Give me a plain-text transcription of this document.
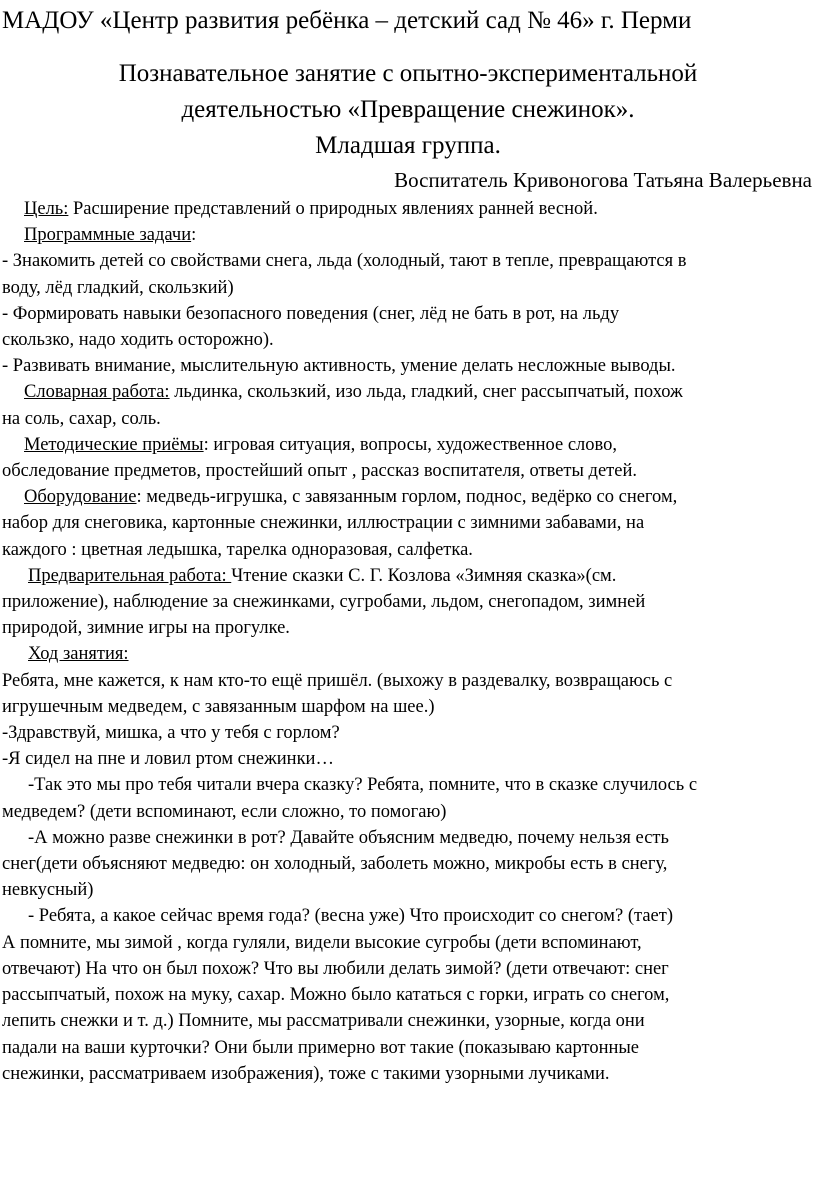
МАДОУ «Центр развития ребёнка – детский сад № 46» г. Перми
Познавательное занятие с опытно-экспериментальной
деятельностью «Превращение снежинок».
Младшая группа.
Воспитатель Кривоногова Татьяна Валерьевна

Цель: Расширение представлений о природных явлениях ранней весной.

Программные задачи:

- Знакомить детей со свойствами снега, льда (холодный, тают в тепле, превращаются в

воду, лёд гладкий, скользкий)

- Формировать навыки безопасного поведения (снег, лёд не бать в рот, на льду

скользко, надо ходить осторожно).

- Развивать внимание, мыслительную активность, умение делать несложные выводы.

Словарная работа: льдинка, скользкий, изо льда, гладкий, снег рассыпчатый, похож

на соль, сахар, соль.

Методические приёмы: игровая ситуация, вопросы, художественное слово,

обследование предметов, простейший опыт , рассказ воспитателя, ответы детей.

Оборудование: медведь-игрушка, с завязанным горлом, поднос, ведёрко со снегом,

набор для снеговика, картонные снежинки, иллюстрации с зимними забавами, на

каждого : цветная ледышка, тарелка одноразовая, салфетка.

Предварительная работа: Чтение сказки С. Г. Козлова «Зимняя сказка»(см.

приложение), наблюдение за снежинками, сугробами, льдом, снегопадом, зимней

природой, зимние игры на прогулке.

Ход занятия:

Ребята, мне кажется, к нам кто-то ещё пришёл. (выхожу в раздевалку, возвращаюсь с

игрушечным медведем, с завязанным шарфом на шее.)

-Здравствуй, мишка, а что у тебя с горлом?

-Я сидел на пне и ловил ртом снежинки…

-Так это мы про тебя читали вчера сказку? Ребята, помните, что в сказке случилось с

медведем? (дети вспоминают, если сложно, то помогаю)

-А можно разве снежинки в рот? Давайте объясним медведю, почему нельзя есть

снег(дети объясняют медведю: он холодный, заболеть можно, микробы есть в снегу,

невкусный)

- Ребята, а какое сейчас время года? (весна уже) Что происходит со снегом? (тает)

А помните, мы зимой , когда гуляли, видели высокие сугробы (дети вспоминают,

отвечают) На что он был похож? Что вы любили делать зимой? (дети отвечают: снег

рассыпчатый, похож на муку, сахар. Можно было кататься с горки, играть со снегом,

лепить снежки и т. д.) Помните, мы рассматривали снежинки, узорные, когда они

падали на ваши курточки? Они были примерно вот такие (показываю картонные

снежинки, рассматриваем изображения), тоже с такими узорными лучиками.
